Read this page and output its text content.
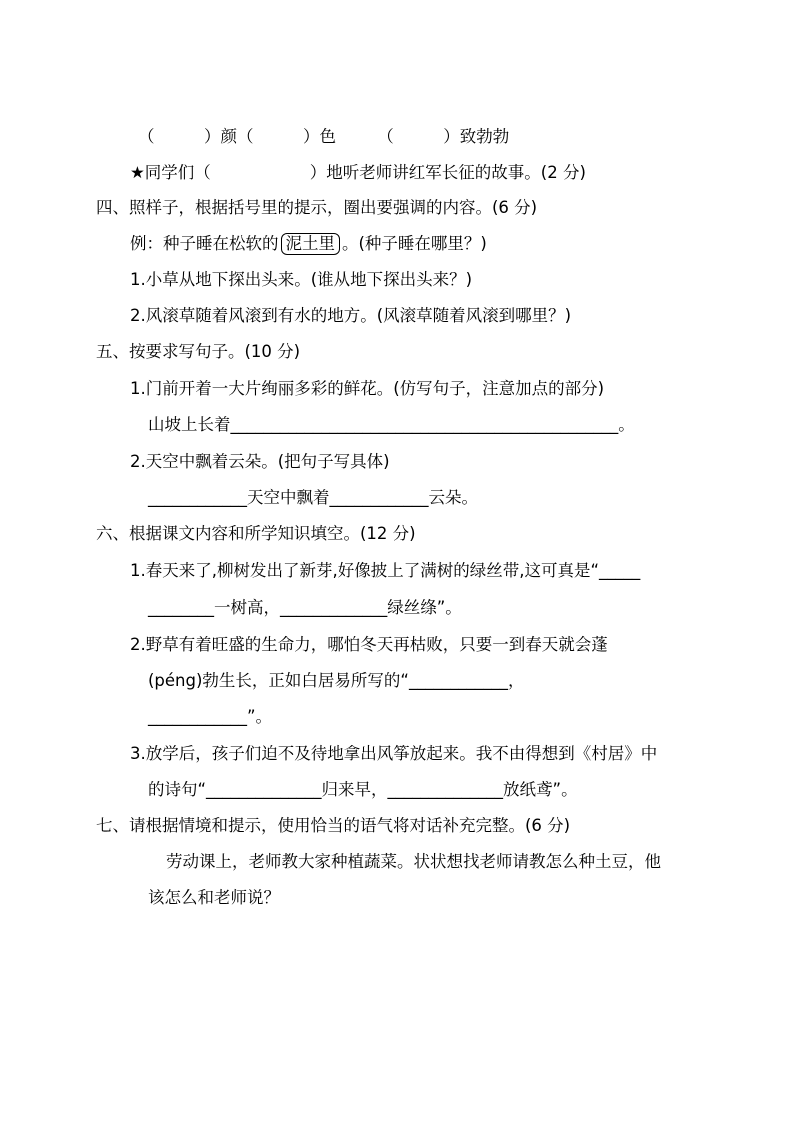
（　　　）颜（　　　）色　　　（　　　）致勃勃
★同学们（　　　　　　）地听老师讲红军长征的故事。(2 分)
四、照样子，根据括号里的提示，圈出要强调的内容。(6 分)
例：种子睡在松软的 泥土里 。(种子睡在哪里？)
1.小草从地下探出头来。(谁从地下探出头来？)
2.风滚草随着风滚到有水的地方。(风滚草随着风滚到哪里？)
五、按要求写句子。(10 分)
1.门前开着一大片绚丽多彩的鲜花。(仿写句子，注意加点的部分)
山坡上长着_______________________________________________。
2.天空中飘着云朵。(把句子写具体)
____________天空中飘着____________云朵。
六、根据课文内容和所学知识填空。(12 分)
1.春天来了,柳树发出了新芽,好像披上了满树的绿丝带,这可真是“_____
________一树高，_____________绿丝绦”。
2.野草有着旺盛的生命力，哪怕冬天再枯败，只要一到春天就会蓬
(péng)勃生长，正如白居易所写的“____________，
____________”。
3.放学后，孩子们迫不及待地拿出风筝放起来。我不由得想到《村居》中
的诗句“______________归来早，______________放纸鸢”。
七、请根据情境和提示，使用恰当的语气将对话补充完整。(6 分)
劳动课上，老师教大家种植蔬菜。状状想找老师请教怎么种土豆，他
该怎么和老师说？
